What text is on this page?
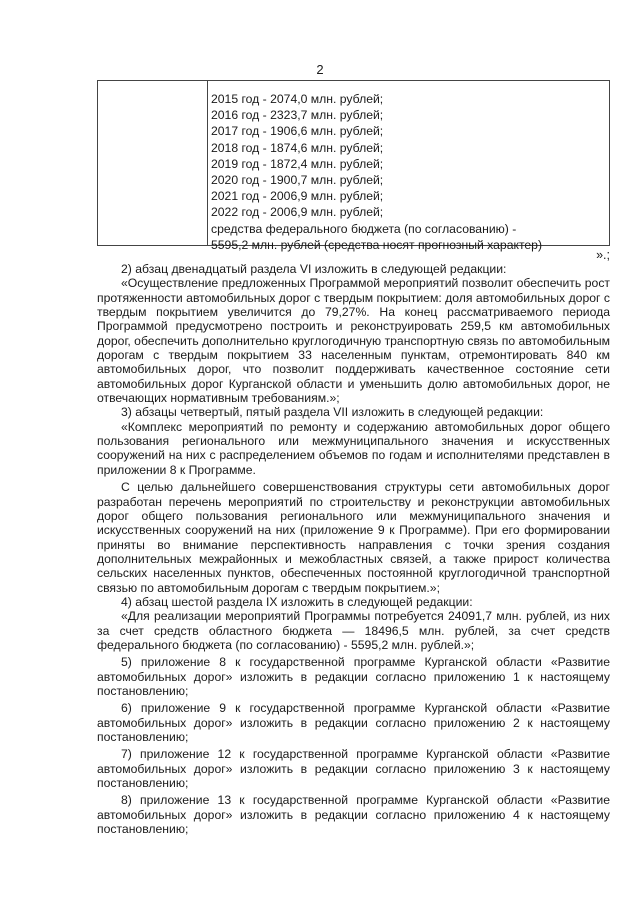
2
2015 год - 2074,0 млн. рублей;
2016 год - 2323,7 млн. рублей;
2017 год - 1906,6 млн. рублей;
2018 год - 1874,6 млн. рублей;
2019 год - 1872,4 млн. рублей;
2020 год - 1900,7 млн. рублей;
2021 год - 2006,9 млн. рублей;
2022 год - 2006,9 млн. рублей;
средства федерального бюджета (по согласованию) -
5595,2 млн. рублей (средства носят прогнозный характер)
».;

2) абзац двенадцатый раздела VI изложить в следующей редакции:

«Осуществление предложенных Программой мероприятий позволит обеспечить рост протяженности автомобильных дорог с твердым покрытием: доля автомобильных дорог с твердым покрытием увеличится до 79,27%. На конец рассматриваемого периода Программой предусмотрено построить и реконструировать 259,5 км автомобильных дорог, обеспечить дополнительно круглогодичную транспортную связь по автомобильным дорогам с твердым покрытием 33 населенным пунктам, отремонтировать 840 км автомобильных дорог, что позволит поддерживать качественное состояние сети автомобильных дорог Курганской области и уменьшить долю автомобильных дорог, не отвечающих нормативным требованиям.»;

3) абзацы четвертый, пятый раздела VII изложить в следующей редакции:

«Комплекс мероприятий по ремонту и содержанию автомобильных дорог общего пользования регионального или межмуниципального значения и искусственных сооружений на них с распределением объемов по годам и исполнителями представлен в приложении 8 к Программе.

С целью дальнейшего совершенствования структуры сети автомобильных дорог разработан перечень мероприятий по строительству и реконструкции автомобильных дорог общего пользования регионального или межмуниципального значения и искусственных сооружений на них (приложение 9 к Программе). При его формировании приняты во внимание перспективность направления с точки зрения создания дополнительных межрайонных и межобластных связей, а также прирост количества сельских населенных пунктов, обеспеченных постоянной круглогодичной транспортной связью по автомобильным дорогам с твердым покрытием.»;

4) абзац шестой раздела IX изложить в следующей редакции:

«Для реализации мероприятий Программы потребуется 24091,7 млн. рублей, из них за счет средств областного бюджета — 18496,5 млн. рублей, за счет средств федерального бюджета (по согласованию) - 5595,2 млн. рублей.»;

5) приложение 8 к государственной программе Курганской области «Развитие автомобильных дорог» изложить в редакции согласно приложению 1 к настоящему постановлению;

6) приложение 9 к государственной программе Курганской области «Развитие автомобильных дорог» изложить в редакции согласно приложению 2 к настоящему постановлению;

7) приложение 12 к государственной программе Курганской области «Развитие автомобильных дорог» изложить в редакции согласно приложению 3 к настоящему постановлению;

8) приложение 13 к государственной программе Курганской области «Развитие автомобильных дорог» изложить в редакции согласно приложению 4 к настоящему постановлению;
